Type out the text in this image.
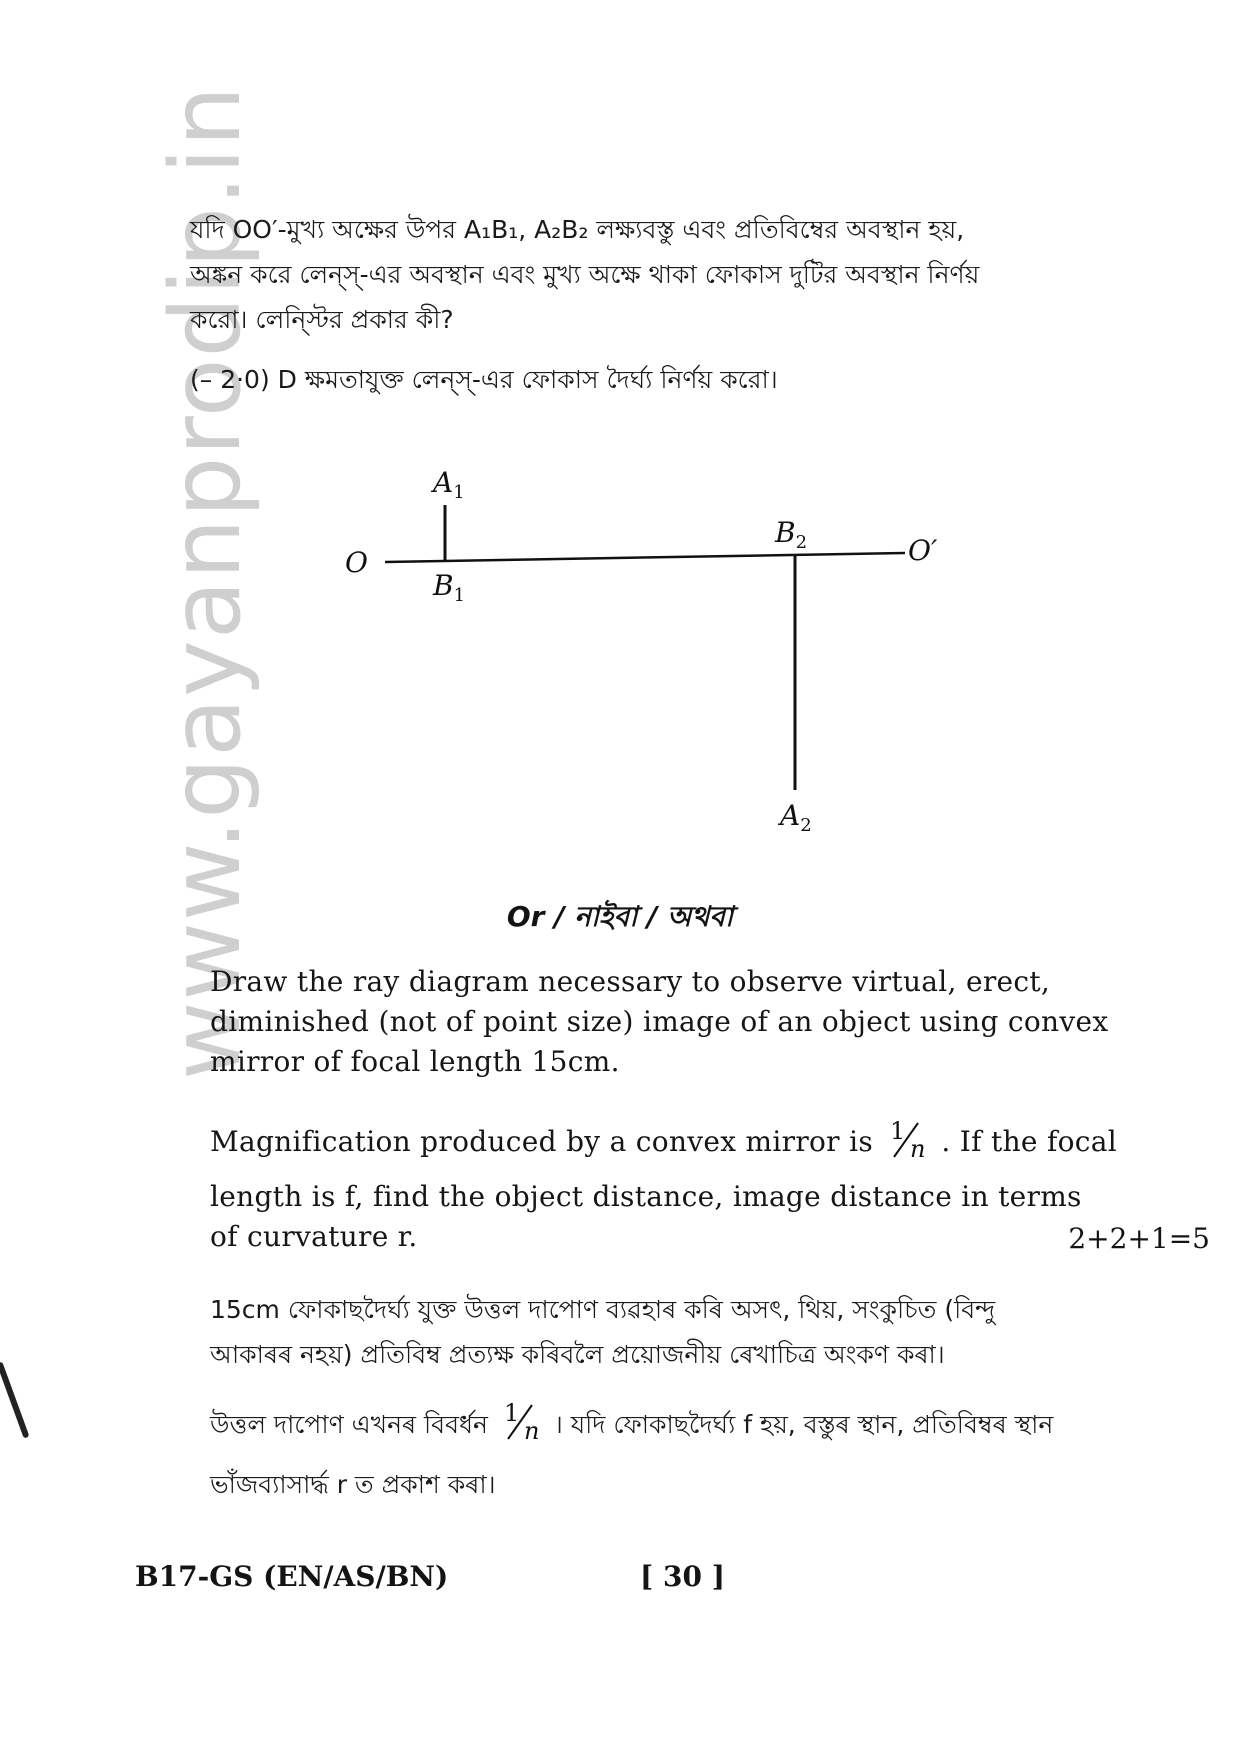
www.gayanprodip.in
যদি OO′-মুখ্য অক্ষের উপর A₁B₁, A₂B₂ লক্ষ্যবস্তু এবং প্রতিবিম্বের অবস্থান হয়,
অঙ্কন করে লেন্স্-এর অবস্থান এবং মুখ্য অক্ষে থাকা ফোকাস দুটির অবস্থান নির্ণয়
করো। লেন্স্টির প্রকার কী?
(– 2·0) D ক্ষমতাযুক্ত লেন্স্-এর ফোকাস দৈর্ঘ্য নির্ণয় করো।
O	O′
$A_1$
$B_1$
$B_2$
$A_2$
Or / নাইবা / অথবা
Draw the ray diagram necessary to observe virtual, erect,
diminished (not of point size) image of an object using convex
mirror of focal length 15cm.
Magnification produced by a convex mirror is 1
n . If the focal
length is f, find the object distance, image distance in terms
of curvature r.	2+2+1=5
15cm ফোকাছদৈর্ঘ্য যুক্ত উত্তল দাপোণ ব্যৱহাৰ কৰি অসৎ, থিয়, সংকুচিত (বিন্দু
আকাৰৰ নহয়) প্ৰতিবিম্ব প্ৰত্যক্ষ কৰিবলৈ প্ৰয়োজনীয় ৰেখাচিত্ৰ অংকণ কৰা।
উত্তল দাপোণ এখনৰ বিবৰ্ধন 1
n । যদি ফোকাছদৈৰ্ঘ্য f হয়, বস্তুৰ স্থান, প্ৰতিবিম্বৰ স্থান
ভাঁজব্যাসাৰ্দ্ধ r ত প্ৰকাশ কৰা।
B17-GS (EN/AS/BN)	[ 30 ]
